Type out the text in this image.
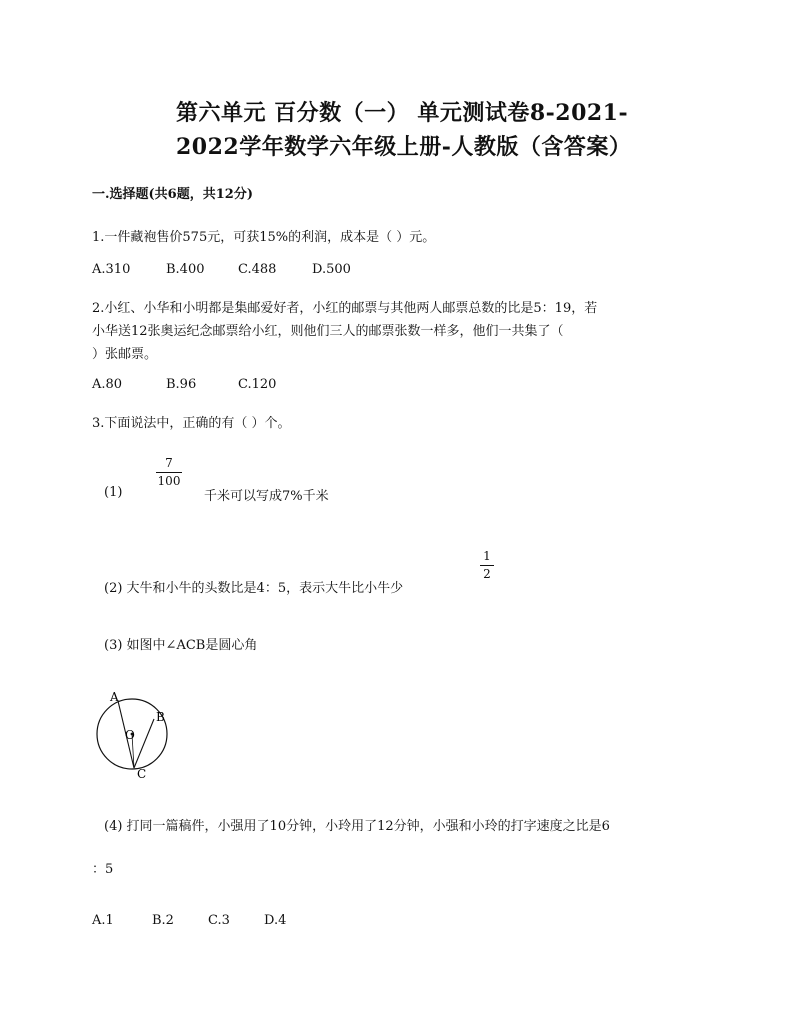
第六单元 百分数（一） 单元测试卷8-2021-
2022学年数学六年级上册-人教版（含答案）
一.选择题(共6题，共12分)
1.一件藏袍售价575元，可获15%的利润，成本是（ ）元。
A.310	B.400	C.488	D.500
2.小红、小华和小明都是集邮爱好者，小红的邮票与其他两人邮票总数的比是5：19，若
小华送12张奥运纪念邮票给小红，则他们三人的邮票张数一样多，他们一共集了（
）张邮票。
A.80	B.96	C.120
3.下面说法中，正确的有（ ）个。
(1)
7
100
千米可以写成7%千米
(2) 大牛和小牛的头数比是4：5，表示大牛比小牛少
1
2
(3) 如图中∠ACB是圆心角
A
B
C
O
(4) 打同一篇稿件，小强用了10分钟，小玲用了12分钟，小强和小玲的打字速度之比是6
：5
A.1	B.2	C.3	D.4
